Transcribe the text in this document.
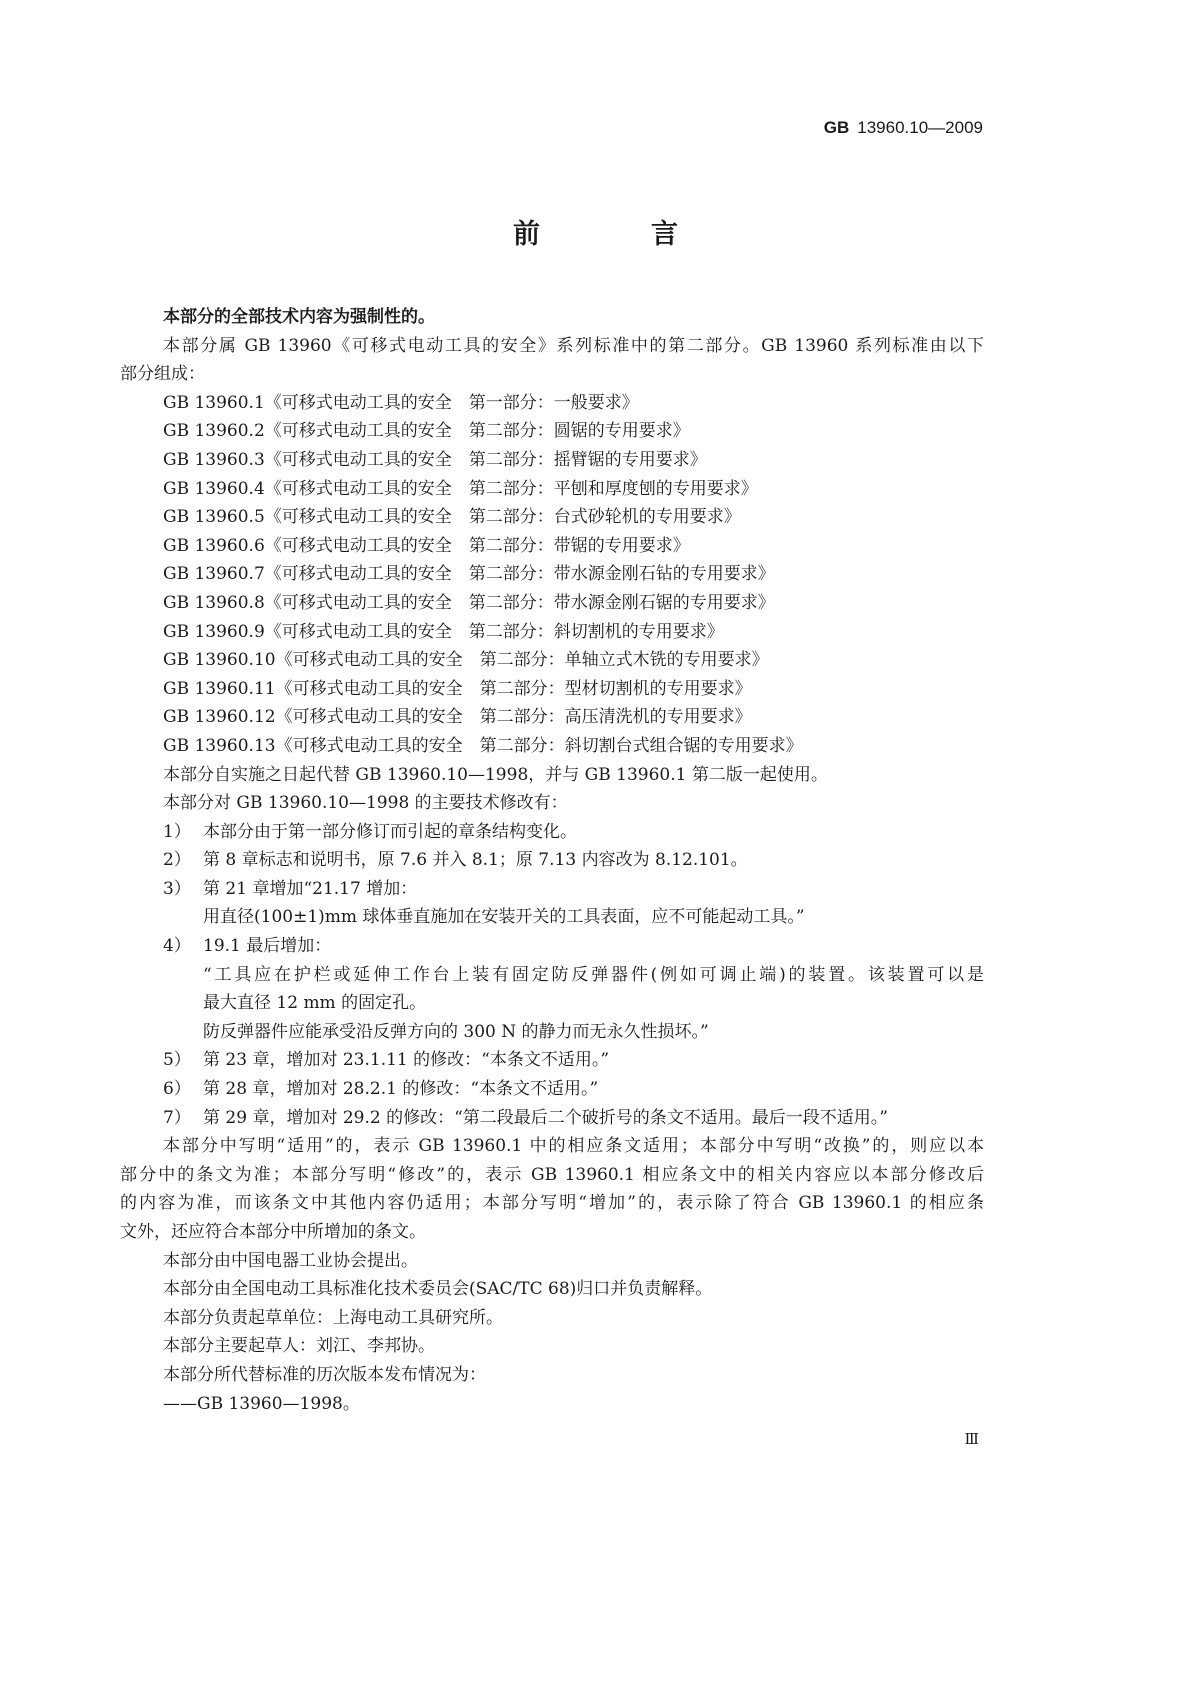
GB 13960.10—2009
前　言
本部分的全部技术内容为强制性的。
本部分属 GB 13960《可移式电动工具的安全》系列标准中的第二部分。GB 13960 系列标准由以下
部分组成：
GB 13960.1《可移式电动工具的安全　第一部分：一般要求》
GB 13960.2《可移式电动工具的安全　第二部分：圆锯的专用要求》
GB 13960.3《可移式电动工具的安全　第二部分：摇臂锯的专用要求》
GB 13960.4《可移式电动工具的安全　第二部分：平刨和厚度刨的专用要求》
GB 13960.5《可移式电动工具的安全　第二部分：台式砂轮机的专用要求》
GB 13960.6《可移式电动工具的安全　第二部分：带锯的专用要求》
GB 13960.7《可移式电动工具的安全　第二部分：带水源金刚石钻的专用要求》
GB 13960.8《可移式电动工具的安全　第二部分：带水源金刚石锯的专用要求》
GB 13960.9《可移式电动工具的安全　第二部分：斜切割机的专用要求》
GB 13960.10《可移式电动工具的安全　第二部分：单轴立式木铣的专用要求》
GB 13960.11《可移式电动工具的安全　第二部分：型材切割机的专用要求》
GB 13960.12《可移式电动工具的安全　第二部分：高压清洗机的专用要求》
GB 13960.13《可移式电动工具的安全　第二部分：斜切割台式组合锯的专用要求》
本部分自实施之日起代替 GB 13960.10—1998，并与 GB 13960.1 第二版一起使用。
本部分对 GB 13960.10—1998 的主要技术修改有：
1） 本部分由于第一部分修订而引起的章条结构变化。
2） 第 8 章标志和说明书，原 7.6 并入 8.1；原 7.13 内容改为 8.12.101。
3） 第 21 章增加“21.17 增加：
用直径(100±1)mm 球体垂直施加在安装开关的工具表面，应不可能起动工具。”
4） 19.1 最后增加：
“工具应在护栏或延伸工作台上装有固定防反弹器件(例如可调止端)的装置。该装置可以是
最大直径 12 mm 的固定孔。
防反弹器件应能承受沿反弹方向的 300 N 的静力而无永久性损坏。”
5） 第 23 章，增加对 23.1.11 的修改：“本条文不适用。”
6） 第 28 章，增加对 28.2.1 的修改：“本条文不适用。”
7） 第 29 章，增加对 29.2 的修改：“第二段最后二个破折号的条文不适用。最后一段不适用。”
本部分中写明“适用”的，表示 GB 13960.1 中的相应条文适用；本部分中写明“改换”的，则应以本
部分中的条文为准；本部分写明“修改”的，表示 GB 13960.1 相应条文中的相关内容应以本部分修改后
的内容为准，而该条文中其他内容仍适用；本部分写明“增加”的，表示除了符合 GB 13960.1 的相应条
文外，还应符合本部分中所增加的条文。
本部分由中国电器工业协会提出。
本部分由全国电动工具标准化技术委员会(SAC/TC 68)归口并负责解释。
本部分负责起草单位：上海电动工具研究所。
本部分主要起草人：刘江、李邦协。
本部分所代替标准的历次版本发布情况为：
——GB 13960—1998。
Ⅲ
